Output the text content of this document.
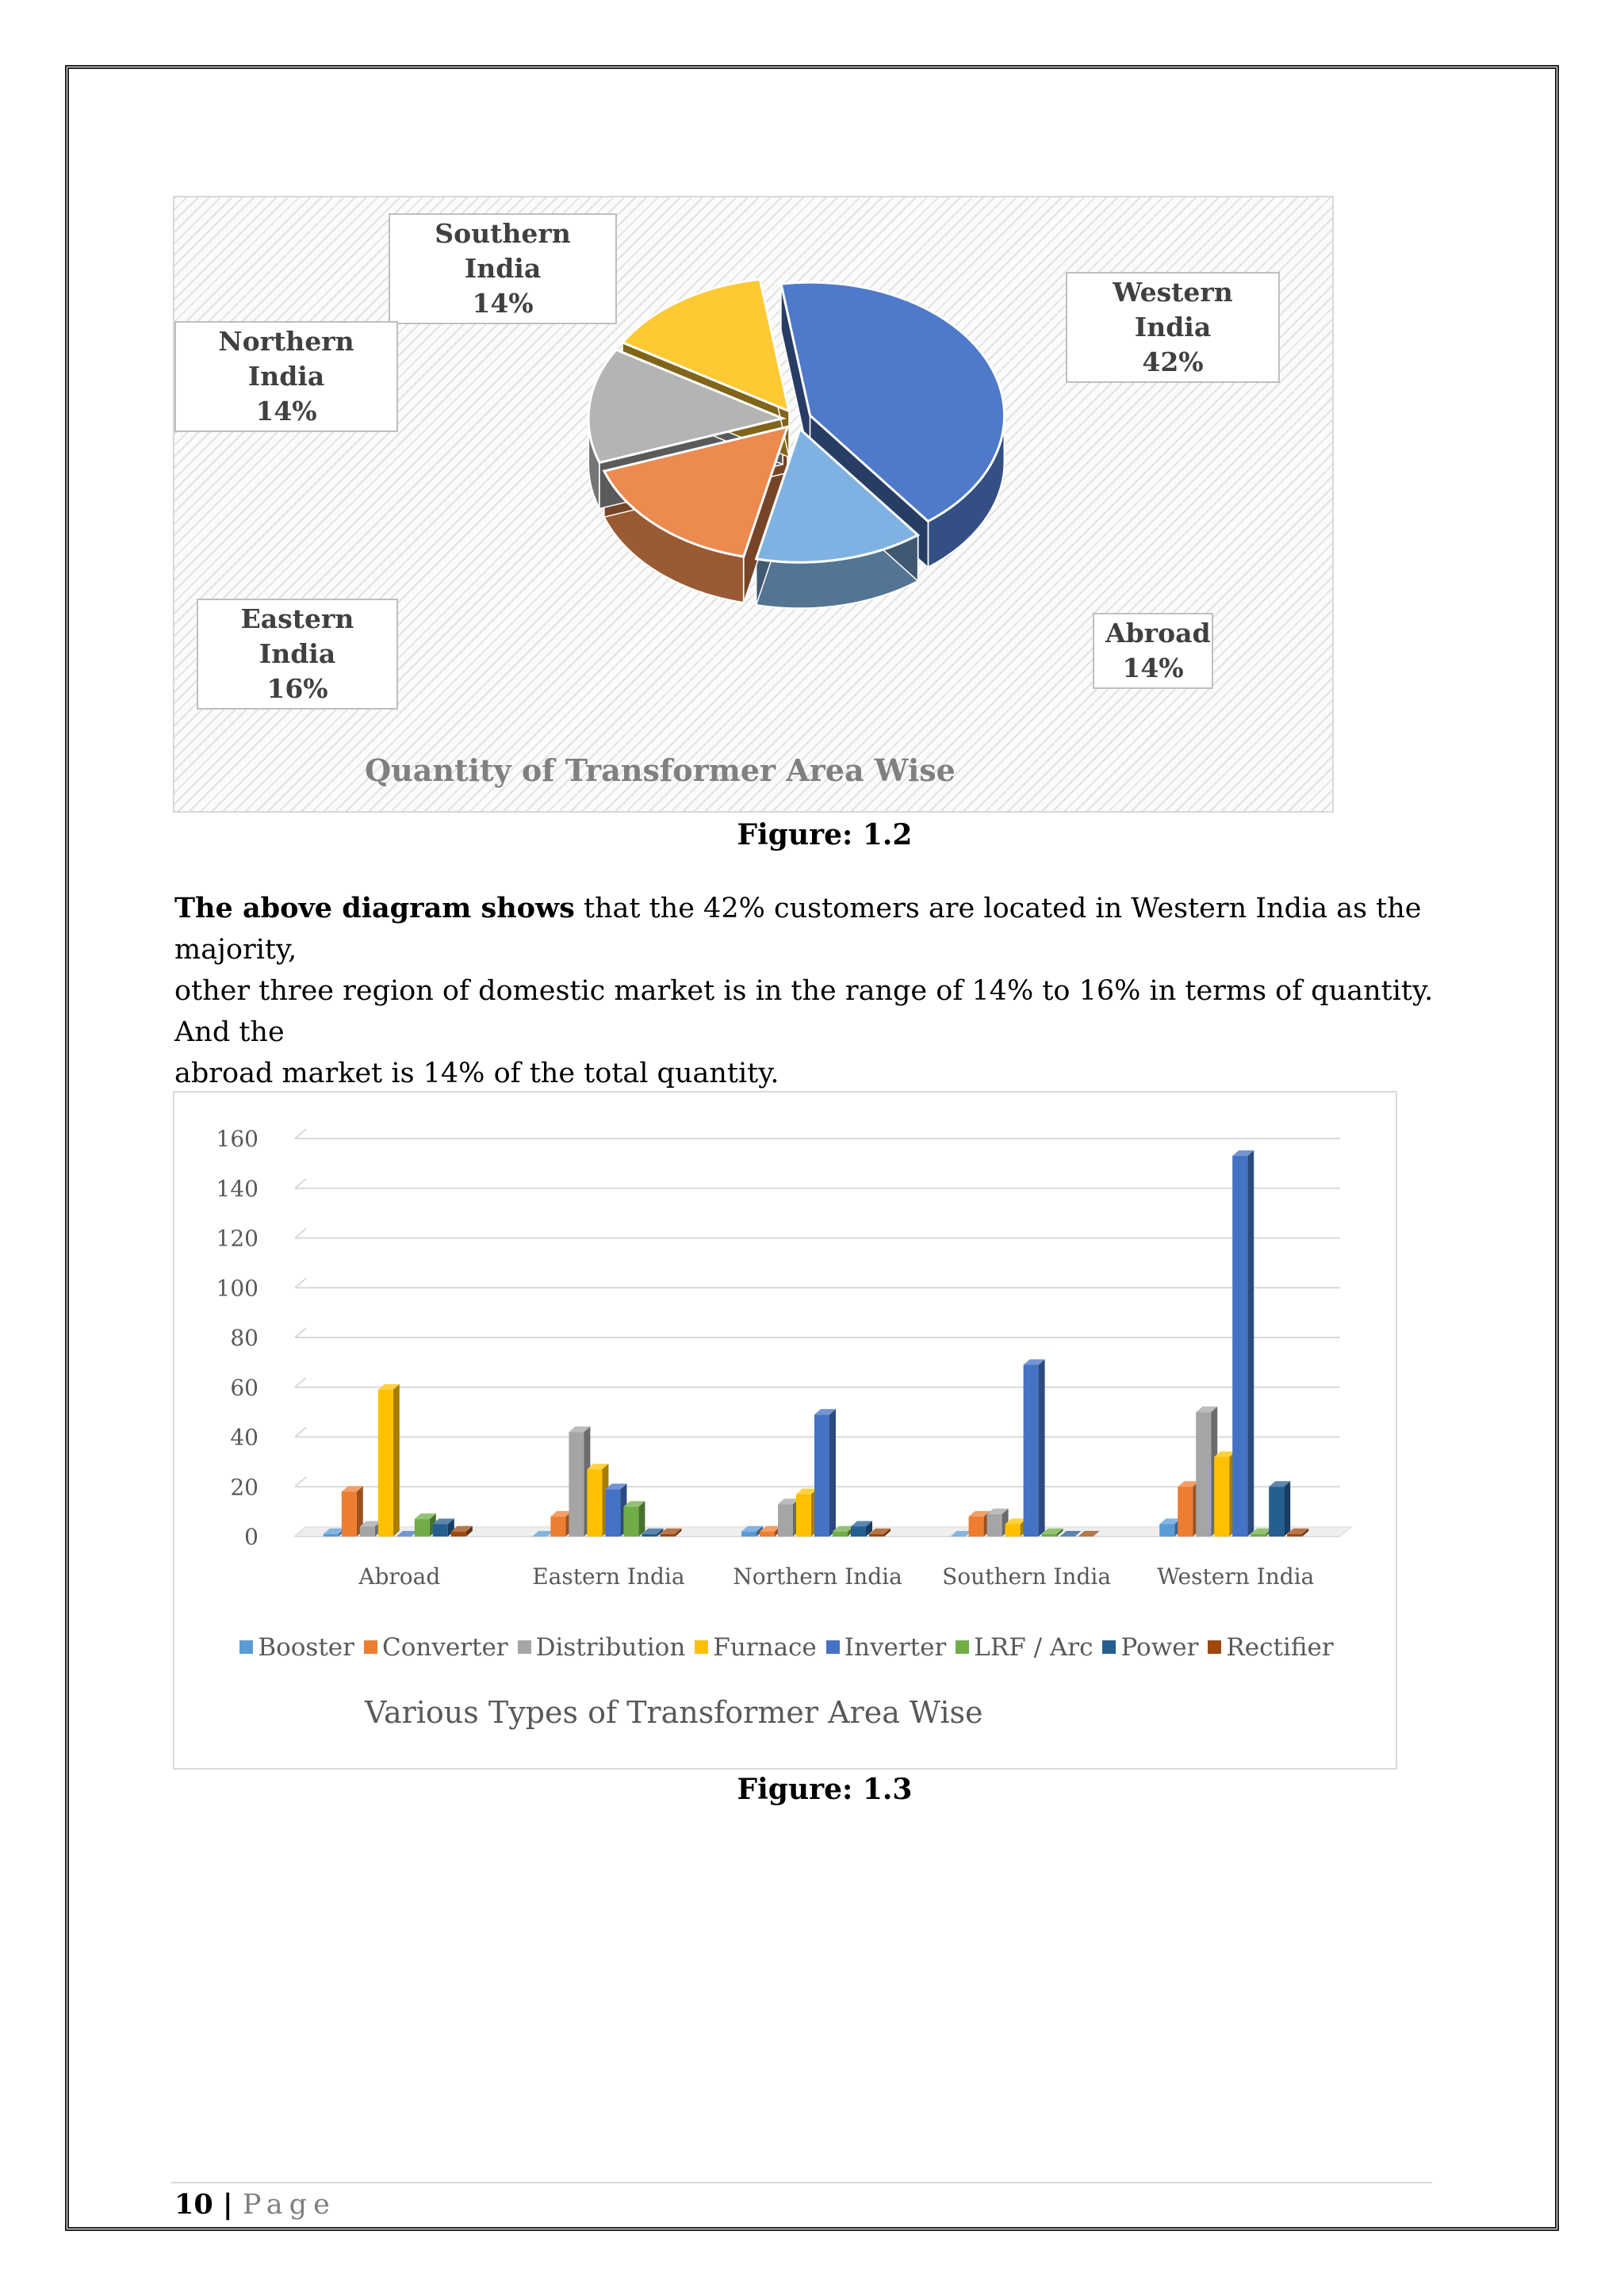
Southern India
14%
Northern India
14%
Western India
42%
Eastern India
16%
Abroad
14%
Quantity of Transformer Area Wise
Figure: 1.2
The above diagram shows that the 42% customers are located in Western India as the majority,
other three region of domestic market is in the range of 14% to 16% in terms of quantity. And the
abroad market is 14% of the total quantity.
0
20
40
60
80
100
120
140
160
Abroad	Eastern India Northern India Southern India Western India
Booster Converter Distribution Furnace Inverter LRF / Arc Power Rectifier
Various Types of Transformer Area Wise
Figure: 1.3
10 | Page
